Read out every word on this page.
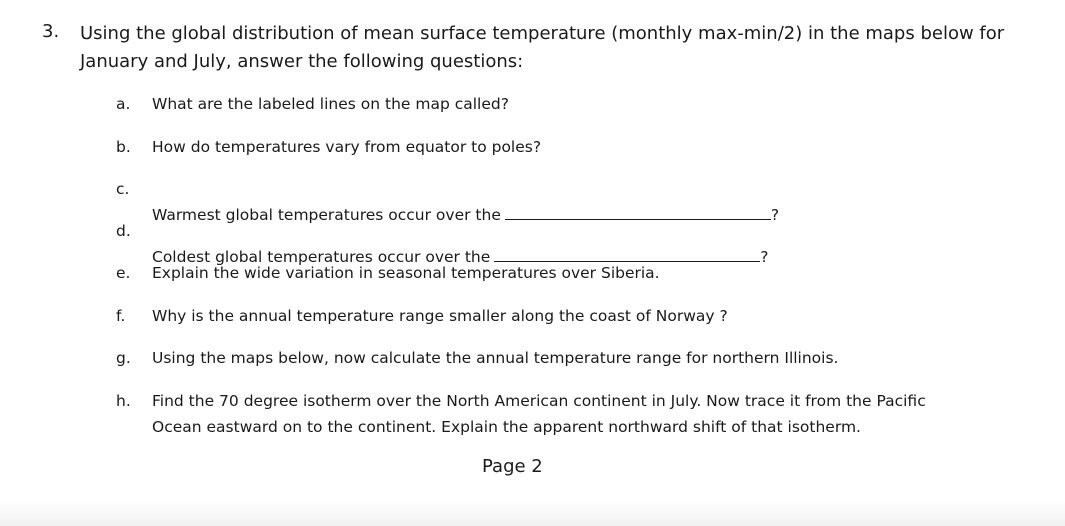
3. Using the global distribution of mean surface temperature (monthly max-min/2) in the maps below for
January and July, answer the following questions:
a. What are the labeled lines on the map called?
b. How do temperatures vary from equator to poles?
c.

Warmest global temperatures occur over the	?

d.

Coldest global temperatures occur over the	?

e. Explain the wide variation in seasonal temperatures over Siberia.
f. Why is the annual temperature range smaller along the coast of Norway ?
g. Using the maps below, now calculate the annual temperature range for northern Illinois.
h. Find the 70 degree isotherm over the North American continent in July. Now trace it from the Pacific
Ocean eastward on to the continent. Explain the apparent northward shift of that isotherm.
Page 2
